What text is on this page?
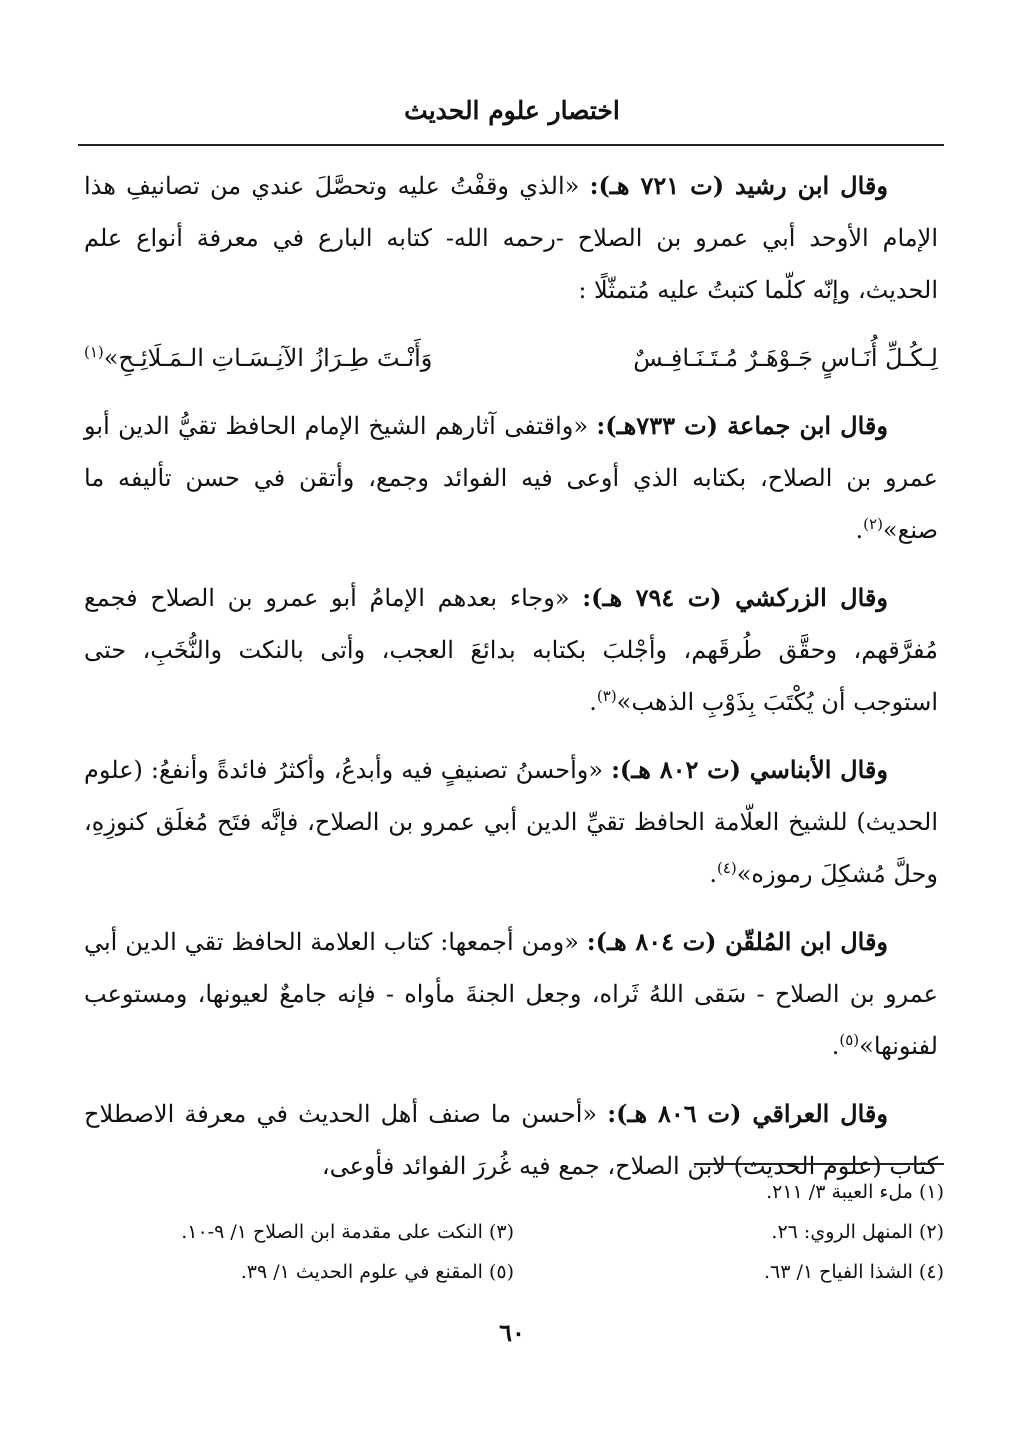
اختصار علوم الحديث

وقال ابن رشيد (ت ٧٢١ هـ): «الذي وقفْتُ عليه وتحصَّلَ عندي من تصانيفِ هذا الإمام الأوحد أبي عمرو بن الصلاح -رحمه الله- كتابه البارع في معرفة أنواع علم الحديث، وإنّه كلّما كتبتُ عليه مُتمثّلًا :

لِـكُـلِّ أُنَـاسٍ جَـوْهَـرٌ مُـتَـنَـافِـسٌ
وَأَنْـتَ طِـرَازُ الآنِـسَـاتِ الـمَـلَائِـحِ»$^{(١)}$

وقال ابن جماعة (ت ٧٣٣هـ): «واقتفى آثارهم الشيخ الإمام الحافظ تقيُّ الدين أبو عمرو بن الصلاح، بكتابه الذي أوعى فيه الفوائد وجمع، وأتقن في حسن تأليفه ما صنع»$^{(٢)}$.

وقال الزركشي (ت ٧٩٤ هـ): «وجاء بعدهم الإمامُ أبو عمرو بن الصلاح فجمع مُفرَّقهم، وحقَّق طُرقَهم، وأجْلبَ بكتابه بدائعَ العجب، وأتى بالنكت والنُّخَبِ، حتى استوجب أن يُكْتَبَ بِذَوْبِ الذهب»$^{(٣)}$.

وقال الأبناسي (ت ٨٠٢ هـ): «وأحسنُ تصنيفٍ فيه وأبدعُ، وأكثرُ فائدةً وأنفعُ: (علوم الحديث) للشيخ العلّامة الحافظ تقيِّ الدين أبي عمرو بن الصلاح، فإنَّه فتَح مُغلَق كنوزِهِ، وحلَّ مُشكِلَ رموزه»$^{(٤)}$.

وقال ابن المُلقّن (ت ٨٠٤ هـ): «ومن أجمعها: كتاب العلامة الحافظ تقي الدين أبي عمرو بن الصلاح - سَقى اللهُ ثَراه، وجعل الجنةَ مأواه - فإنه جامعٌ لعيونها، ومستوعب لفنونها»$^{(٥)}$.

وقال العراقي (ت ٨٠٦ هـ): «أحسن ما صنف أهل الحديث في معرفة الاصطلاح كتاب (علوم الحديث) لابن الصلاح، جمع فيه غُررَ الفوائد فأوعى،

(١) ملء العيبة ٣/ ٢١١.
(٢) المنهل الروي: ٢٦.
(٣) النكت على مقدمة ابن الصلاح ١/ ٩-١٠.
(٤) الشذا الفياح ١/ ٦٣.
(٥) المقنع في علوم الحديث ١/ ٣٩.
٦٠
